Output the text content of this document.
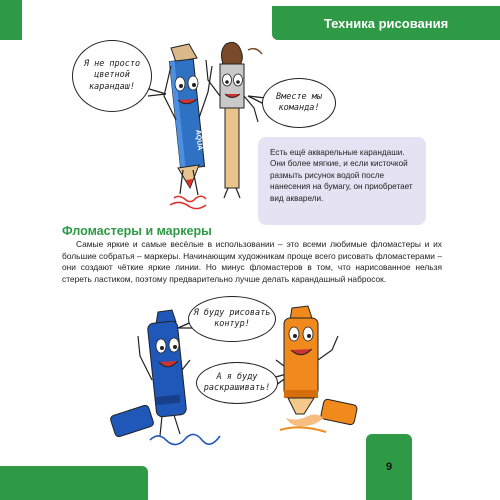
Техника рисования
AQUA
Я не просто цветной карандаш!
Вместе мы команда!
Я буду рисовать контур!
А я буду раскрашивать!
Есть ещё акварельные карандаши. Они более мягкие, и если кисточкой размыть рисунок водой после нанесения на бумагу, он приобретает вид акварели.
Фломастеры и маркеры

Самые яркие и самые весёлые в использовании – это всеми любимые фломастеры и их большие собратья – маркеры. Начинающим художникам проще всего рисовать фломастерами – они создают чёткие яркие линии. Но минус фломастеров в том, что нарисованное нельзя стереть ластиком, поэтому предварительно лучше делать карандашный набросок.

9
